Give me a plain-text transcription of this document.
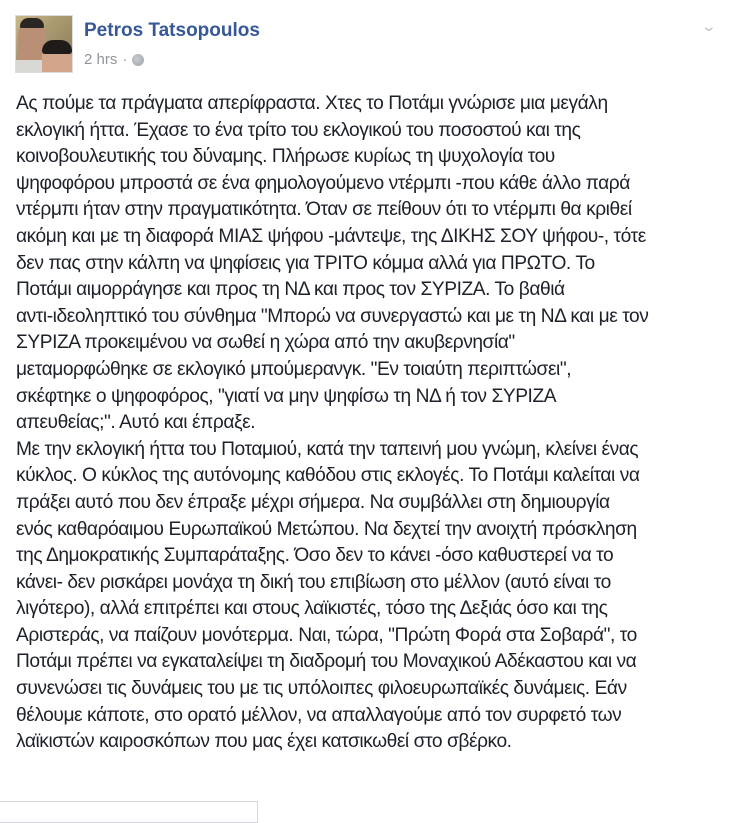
Petros Tatsopoulos
2 hrs ·
⌄
Ας πούμε τα πράγματα απερίφραστα. Χτες το Ποτάμι γνώρισε μια μεγάλη
εκλογική ήττα. Έχασε το ένα τρίτο του εκλογικού του ποσοστού και της
κοινοβουλευτικής του δύναμης. Πλήρωσε κυρίως τη ψυχολογία του
ψηφοφόρου μπροστά σε ένα φημολογούμενο ντέρμπι -που κάθε άλλο παρά
ντέρμπι ήταν στην πραγματικότητα. Όταν σε πείθουν ότι το ντέρμπι θα κριθεί
ακόμη και με τη διαφορά ΜΙΑΣ ψήφου -μάντεψε, της ΔΙΚΗΣ ΣΟΥ ψήφου-, τότε
δεν πας στην κάλπη να ψηφίσεις για ΤΡΙΤΟ κόμμα αλλά για ΠΡΩΤΟ. Το
Ποτάμι αιμορράγησε και προς τη ΝΔ και προς τον ΣΥΡΙΖΑ. Το βαθιά
αντι-ιδεοληπτικό του σύνθημα "Μπορώ να συνεργαστώ και με τη ΝΔ και με τον
ΣΥΡΙΖΑ προκειμένου να σωθεί η χώρα από την ακυβερνησία"
μεταμορφώθηκε σε εκλογικό μπούμερανγκ. "Εν τοιαύτη περιπτώσει",
σκέφτηκε ο ψηφοφόρος, "γιατί να μην ψηφίσω τη ΝΔ ή τον ΣΥΡΙΖΑ
απευθείας;". Αυτό και έπραξε.
Με την εκλογική ήττα του Ποταμιού, κατά την ταπεινή μου γνώμη, κλείνει ένας
κύκλος. Ο κύκλος της αυτόνομης καθόδου στις εκλογές. Το Ποτάμι καλείται να
πράξει αυτό που δεν έπραξε μέχρι σήμερα. Να συμβάλλει στη δημιουργία
ενός καθαρόαιμου Ευρωπαϊκού Μετώπου. Να δεχτεί την ανοιχτή πρόσκληση
της Δημοκρατικής Συμπαράταξης. Όσο δεν το κάνει -όσο καθυστερεί να το
κάνει- δεν ρισκάρει μονάχα τη δική του επιβίωση στο μέλλον (αυτό είναι το
λιγότερο), αλλά επιτρέπει και στους λαϊκιστές, τόσο της Δεξιάς όσο και της
Αριστεράς, να παίζουν μονότερμα. Ναι, τώρα, "Πρώτη Φορά στα Σοβαρά", το
Ποτάμι πρέπει να εγκαταλείψει τη διαδρομή του Μοναχικού Αδέκαστου και να
συνενώσει τις δυνάμεις του με τις υπόλοιπες φιλοευρωπαϊκές δυνάμεις. Εάν
θέλουμε κάποτε, στο ορατό μέλλον, να απαλλαγούμε από τον συρφετό των
λαϊκιστών καιροσκόπων που μας έχει κατσικωθεί στο σβέρκο.
